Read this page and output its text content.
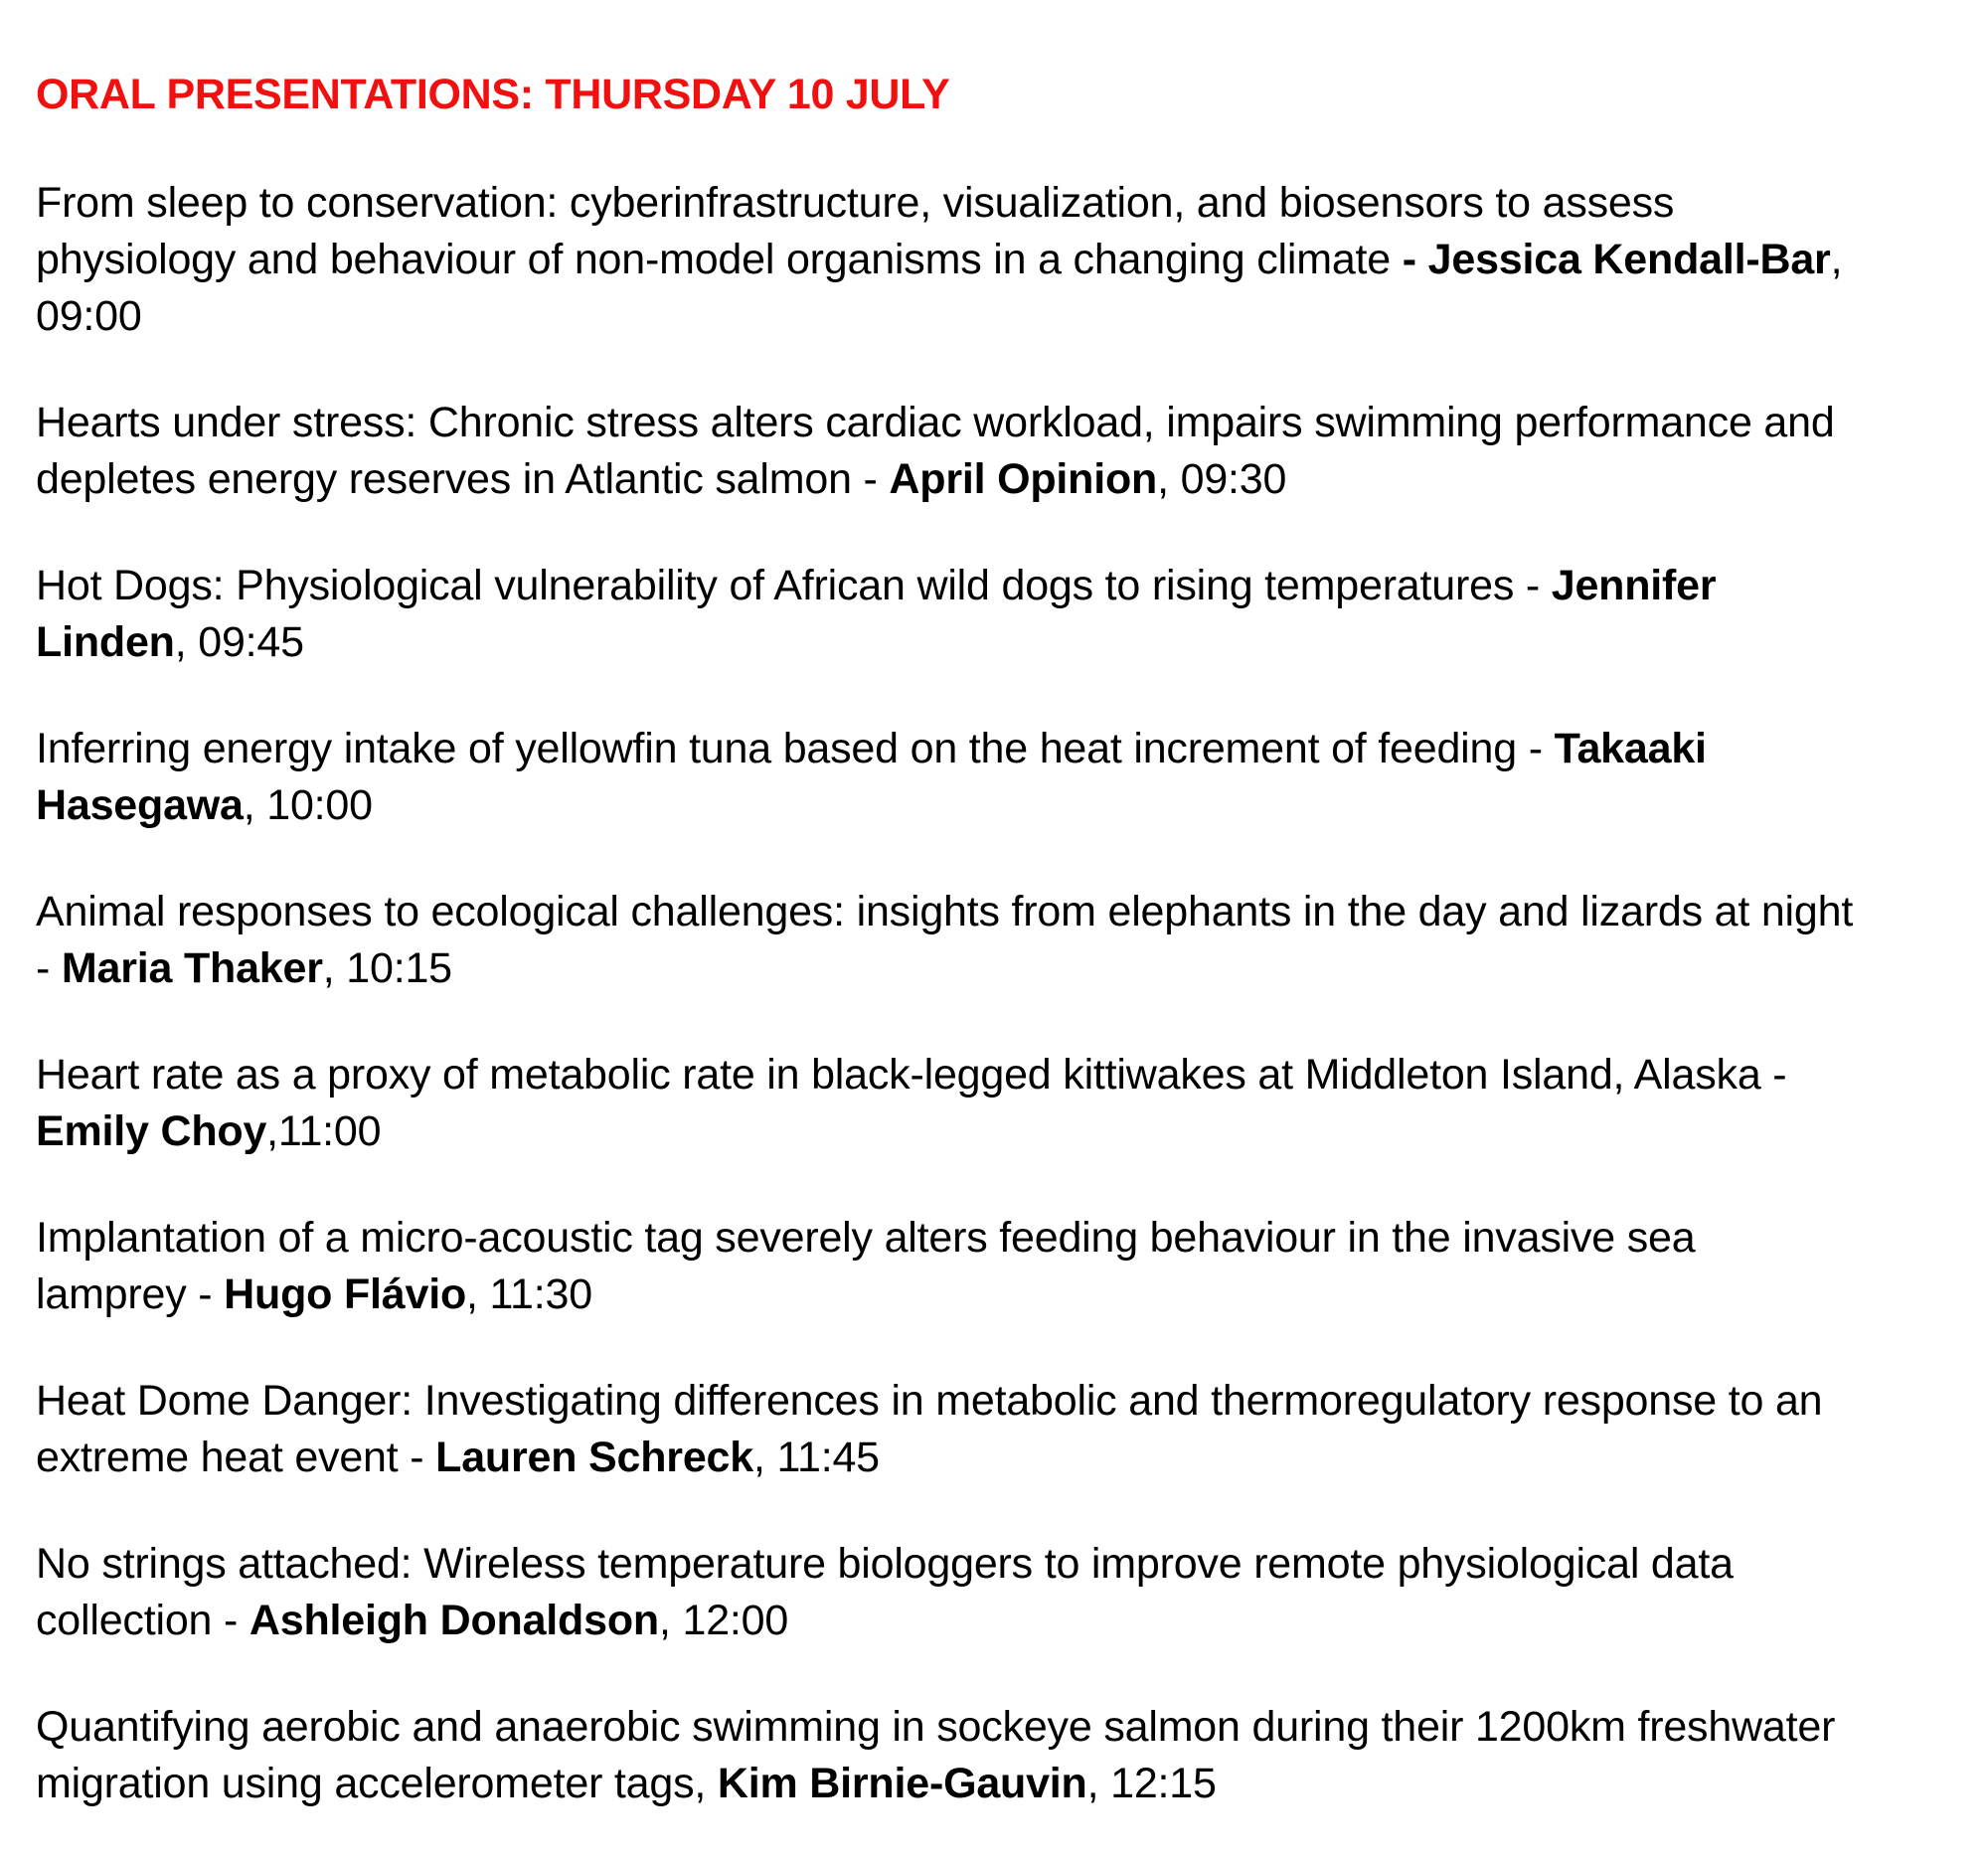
ORAL PRESENTATIONS: THURSDAY 10 JULY
From sleep to conservation: cyberinfrastructure, visualization, and biosensors to assess
physiology and behaviour of non-model organisms in a changing climate - Jessica Kendall-Bar,
09:00
Hearts under stress: Chronic stress alters cardiac workload, impairs swimming performance and
depletes energy reserves in Atlantic salmon - April Opinion, 09:30
Hot Dogs: Physiological vulnerability of African wild dogs to rising temperatures - Jennifer
Linden, 09:45
Inferring energy intake of yellowfin tuna based on the heat increment of feeding - Takaaki
Hasegawa, 10:00
Animal responses to ecological challenges: insights from elephants in the day and lizards at night
- Maria Thaker, 10:15
Heart rate as a proxy of metabolic rate in black-legged kittiwakes at Middleton Island, Alaska -
Emily Choy,11:00
Implantation of a micro-acoustic tag severely alters feeding behaviour in the invasive sea
lamprey - Hugo Flávio, 11:30
Heat Dome Danger: Investigating differences in metabolic and thermoregulatory response to an
extreme heat event - Lauren Schreck, 11:45
No strings attached: Wireless temperature biologgers to improve remote physiological data
collection - Ashleigh Donaldson, 12:00
Quantifying aerobic and anaerobic swimming in sockeye salmon during their 1200km freshwater
migration using accelerometer tags, Kim Birnie-Gauvin, 12:15
